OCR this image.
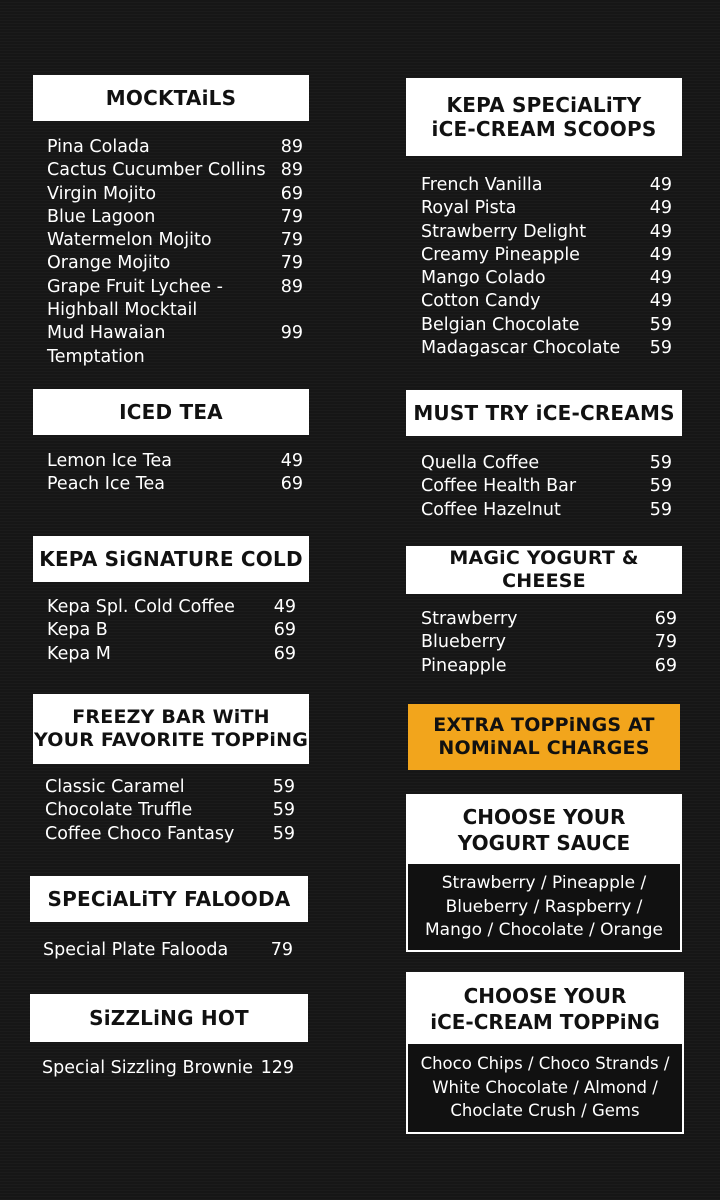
MOCKTAiLS
Pina Colada	89
Cactus Cucumber Collins 89
Virgin Mojito	69
Blue Lagoon	79
Watermelon Mojito	79
Orange Mojito	79
Grape Fruit Lychee -	89
Highball Mocktail
Mud Hawaian	99
Temptation
ICED TEA
Lemon Ice Tea	49
Peach Ice Tea	69
KEPA SiGNATURE COLD
Kepa Spl. Cold Coffee	49
Kepa B	69
Kepa M	69
FREEZY BAR WiTH
YOUR FAVORITE TOPPiNG
Classic Caramel	59
Chocolate Truffle	59
Coffee Choco Fantasy	59
SPECiALiTY FALOODA
Special Plate Falooda	79
SiZZLiNG HOT
Special Sizzling Brownie 129
KEPA SPECiALiTY
iCE-CREAM SCOOPS
French Vanilla	49
Royal Pista	49
Strawberry Delight	49
Creamy Pineapple	49
Mango Colado	49
Cotton Candy	49
Belgian Chocolate	59
Madagascar Chocolate	59
MUST TRY iCE-CREAMS
Quella Coffee	59
Coffee Health Bar	59
Coffee Hazelnut	59
MAGiC YOGURT & CHEESE
Strawberry	69
Blueberry	79
Pineapple	69
EXTRA TOPPiNGS AT
NOMiNAL CHARGES
CHOOSE YOUR
YOGURT SAUCE
Strawberry / Pineapple /
Blueberry / Raspberry /
Mango / Chocolate / Orange
CHOOSE YOUR
iCE-CREAM TOPPiNG
Choco Chips / Choco Strands /
White Chocolate / Almond /
Choclate Crush / Gems
